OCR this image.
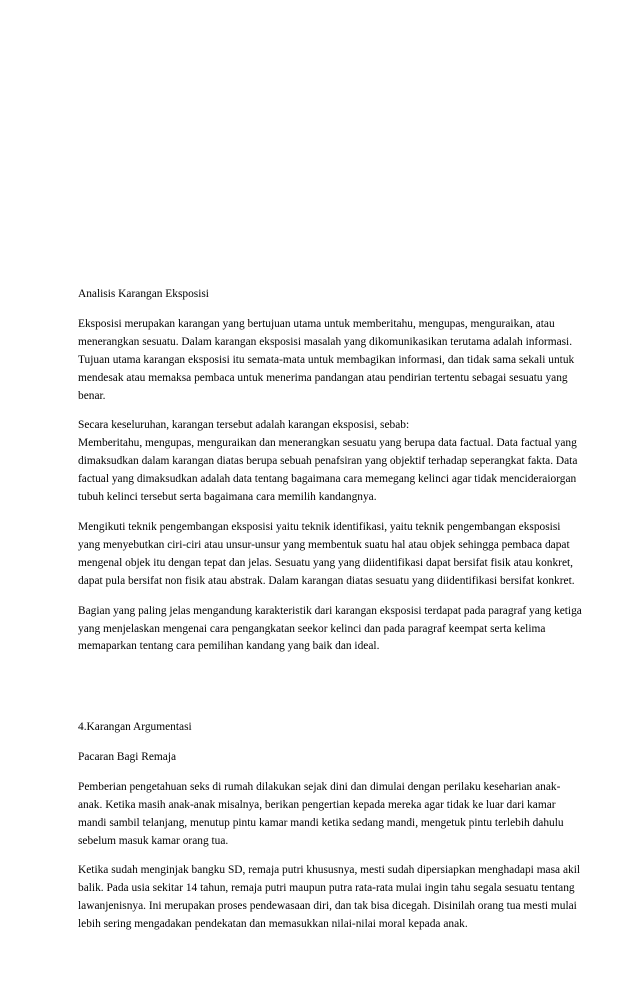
Analisis Karangan Eksposisi

Eksposisi merupakan karangan yang bertujuan utama untuk memberitahu, mengupas, menguraikan, atau
menerangkan sesuatu. Dalam karangan eksposisi masalah yang dikomunikasikan terutama adalah informasi.
Tujuan utama karangan eksposisi itu semata-mata untuk membagikan informasi, dan tidak sama sekali untuk
mendesak atau memaksa pembaca untuk menerima pandangan atau pendirian tertentu sebagai sesuatu yang
benar.

Secara keseluruhan, karangan tersebut adalah karangan eksposisi, sebab:
Memberitahu, mengupas, menguraikan dan menerangkan sesuatu yang berupa data factual. Data factual yang
dimaksudkan dalam karangan diatas berupa sebuah penafsiran yang objektif terhadap seperangkat fakta. Data
factual yang dimaksudkan adalah data tentang bagaimana cara memegang kelinci agar tidak mencideraiorgan
tubuh kelinci tersebut serta bagaimana cara memilih kandangnya.

Mengikuti teknik pengembangan eksposisi yaitu teknik identifikasi, yaitu teknik pengembangan eksposisi
yang menyebutkan ciri-ciri atau unsur-unsur yang membentuk suatu hal atau objek sehingga pembaca dapat
mengenal objek itu dengan tepat dan jelas. Sesuatu yang yang diidentifikasi dapat bersifat fisik atau konkret,
dapat pula bersifat non fisik atau abstrak. Dalam karangan diatas sesuatu yang diidentifikasi bersifat konkret.

Bagian yang paling jelas mengandung karakteristik dari karangan eksposisi terdapat pada paragraf yang ketiga
yang menjelaskan mengenai cara pengangkatan seekor kelinci dan pada paragraf keempat serta kelima
memaparkan tentang cara pemilihan kandang yang baik dan ideal.

4.Karangan Argumentasi

Pacaran Bagi Remaja

Pemberian pengetahuan seks di rumah dilakukan sejak dini dan dimulai dengan perilaku keseharian anak-
anak. Ketika masih anak-anak misalnya, berikan pengertian kepada mereka agar tidak ke luar dari kamar
mandi sambil telanjang, menutup pintu kamar mandi ketika sedang mandi, mengetuk pintu terlebih dahulu
sebelum masuk kamar orang tua.

Ketika sudah menginjak bangku SD, remaja putri khususnya, mesti sudah dipersiapkan menghadapi masa akil
balik. Pada usia sekitar 14 tahun, remaja putri maupun putra rata-rata mulai ingin tahu segala sesuatu tentang
lawanjenisnya. Ini merupakan proses pendewasaan diri, dan tak bisa dicegah. Disinilah orang tua mesti mulai
lebih sering mengadakan pendekatan dan memasukkan nilai-nilai moral kepada anak.
